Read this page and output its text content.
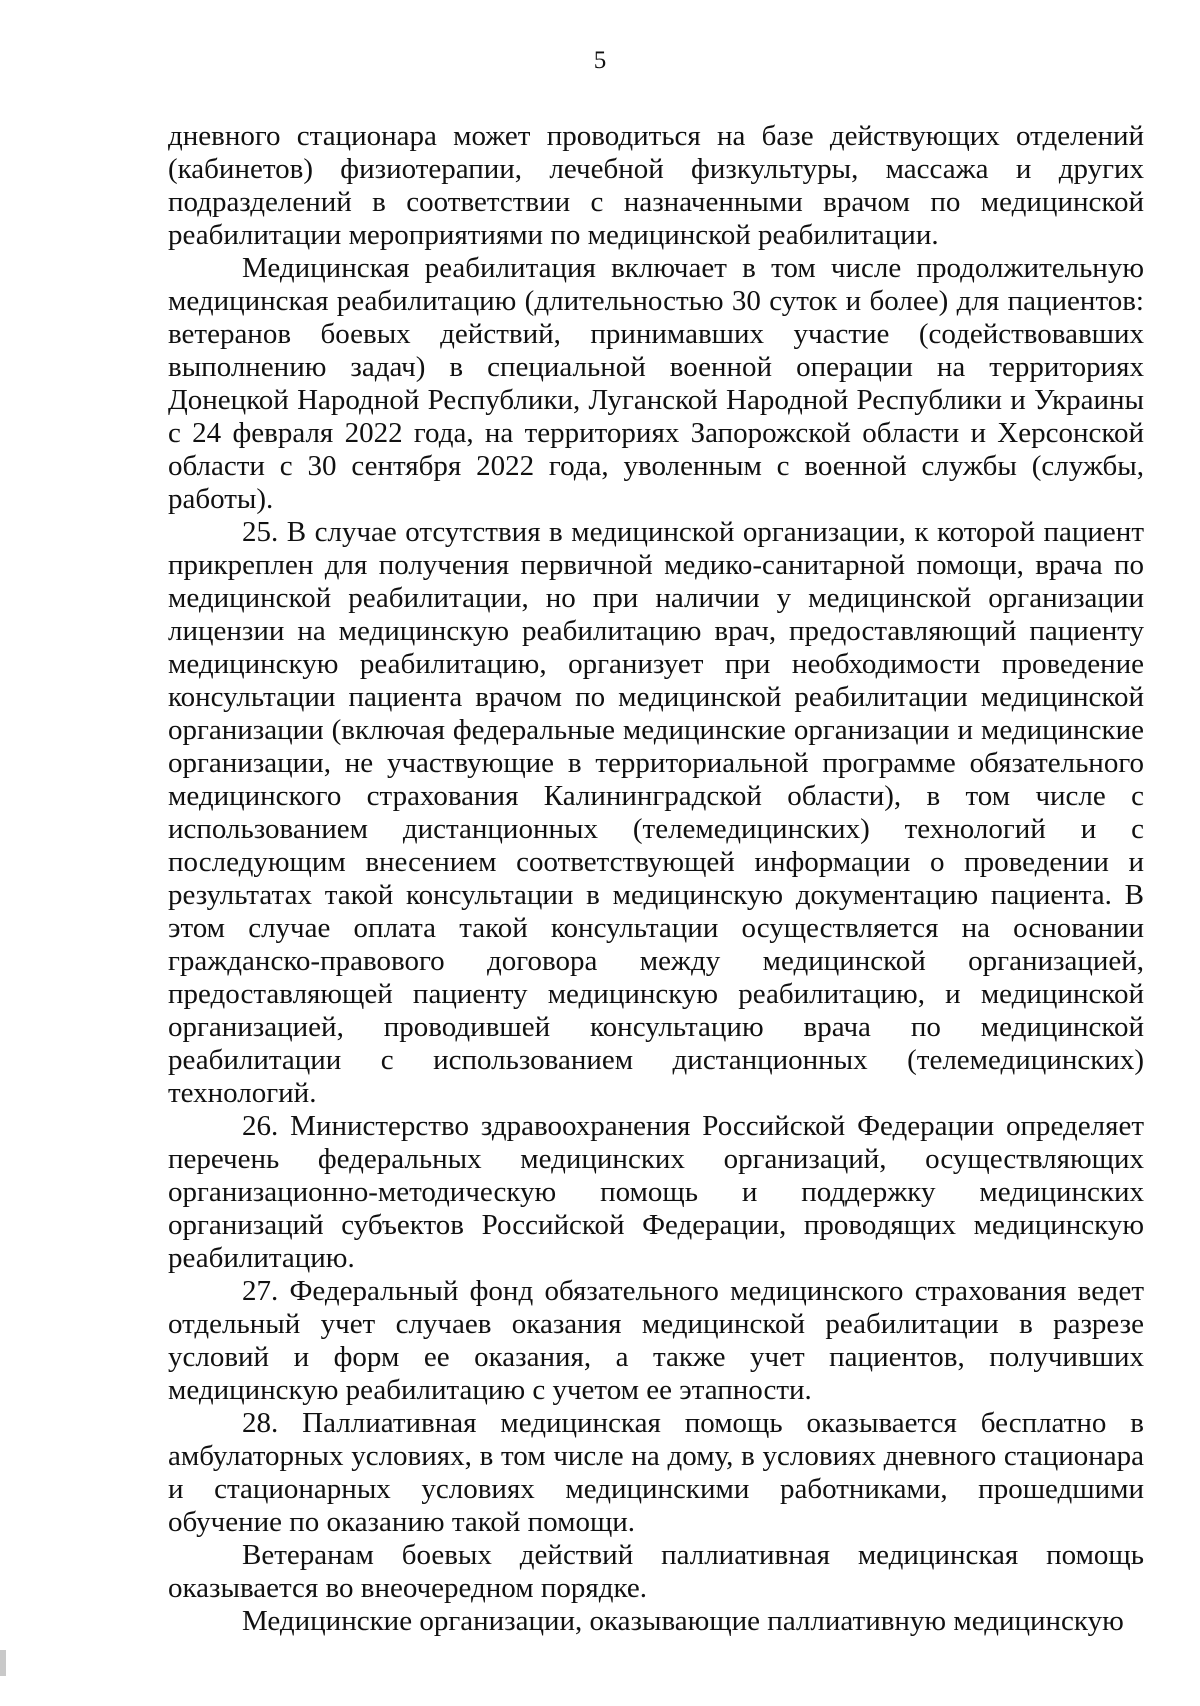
5

дневного стационара может проводиться на базе действующих отделений (кабинетов) физиотерапии, лечебной физкультуры, массажа и других подразделений в соответствии с назначенными врачом по медицинской реабилитации мероприятиями по медицинской реабилитации.

Медицинская реабилитация включает в том числе продолжительную медицинская реабилитацию (длительностью 30 суток и более) для пациентов: ветеранов боевых действий, принимавших участие (содействовавших выполнению задач) в специальной военной операции на территориях Донецкой Народной Республики, Луганской Народной Республики и Украины с 24 февраля 2022 года, на территориях Запорожской области и Херсонской области с 30 сентября 2022 года, уволенным с военной службы (службы, работы).

25. В случае отсутствия в медицинской организации, к которой пациент прикреплен для получения первичной медико-санитарной помощи, врача по медицинской реабилитации, но при наличии у медицинской организации лицензии на медицинскую реабилитацию врач, предоставляющий пациенту медицинскую реабилитацию, организует при необходимости проведение консультации пациента врачом по медицинской реабилитации медицинской организации (включая федеральные медицинские организации и медицинские организации, не участвующие в территориальной программе обязательного медицинского страхования Калининградской области), в том числе с использованием дистанционных (телемедицинских) технологий и с последующим внесением соответствующей информации о проведении и результатах такой консультации в медицинскую документацию пациента. В этом случае оплата такой консультации осуществляется на основании гражданско-правового договора между медицинской организацией, предоставляющей пациенту медицинскую реабилитацию, и медицинской организацией, проводившей консультацию врача по медицинской реабилитации с использованием дистанционных (телемедицинских) технологий.

26. Министерство здравоохранения Российской Федерации определяет перечень федеральных медицинских организаций, осуществляющих организационно-методическую помощь и поддержку медицинских организаций субъектов Российской Федерации, проводящих медицинскую реабилитацию.

27. Федеральный фонд обязательного медицинского страхования ведет отдельный учет случаев оказания медицинской реабилитации в разрезе условий и форм ее оказания, а также учет пациентов, получивших медицинскую реабилитацию с учетом ее этапности.

28. Паллиативная медицинская помощь оказывается бесплатно в амбулаторных условиях, в том числе на дому, в условиях дневного стационара и стационарных условиях медицинскими работниками, прошедшими обучение по оказанию такой помощи.

Ветеранам боевых действий паллиативная медицинская помощь оказывается во внеочередном порядке.

Медицинские организации, оказывающие паллиативную медицинскую
